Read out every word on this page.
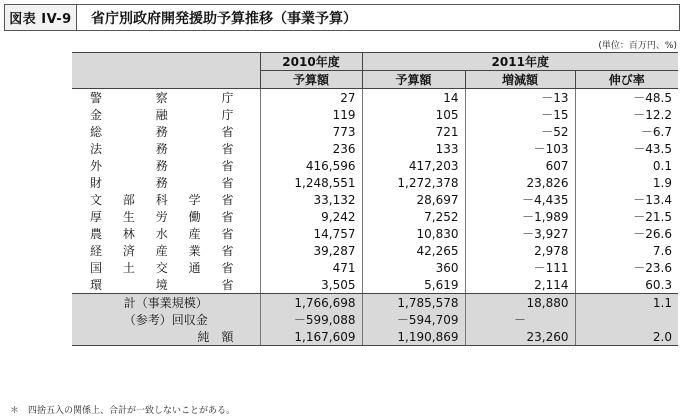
図表 IV-9	省庁別政府開発援助予算推移（事業予算）
(単位：百万円、%)
	2010年度	2011年度		
	予算額	予算額	増減額	伸び率

警 察 庁	27	14	－13	－48.5

金 融 庁	119	105	－15	－12.2

総 務 省	773	721	－52	－6.7

法 務 省	236	133	－103	－43.5

外 務 省	416,596	417,203	607	0.1

財 務 省	1,248,551	1,272,378	23,826	1.9

文 部 科 学 省	33,132	28,697	－4,435	－13.4

厚 生 労 働 省	9,242	7,252	－1,989	－21.5

農 林 水 産 省	14,757	10,830	－3,927	－26.6

経 済 産 業 省	39,287	42,265	2,978	7.6

国 土 交 通 省	471	360	－111	－23.6

環 境 省	3,505	5,619	2,114	60.3
計（事業規模）	1,766,698	1,785,578	18,880	1.1
（参考）回収金	－599,088	－594,709	－	
純　額	1,167,609	1,190,869	23,260	2.0
＊　四捨五入の関係上、合計が一致しないことがある。
